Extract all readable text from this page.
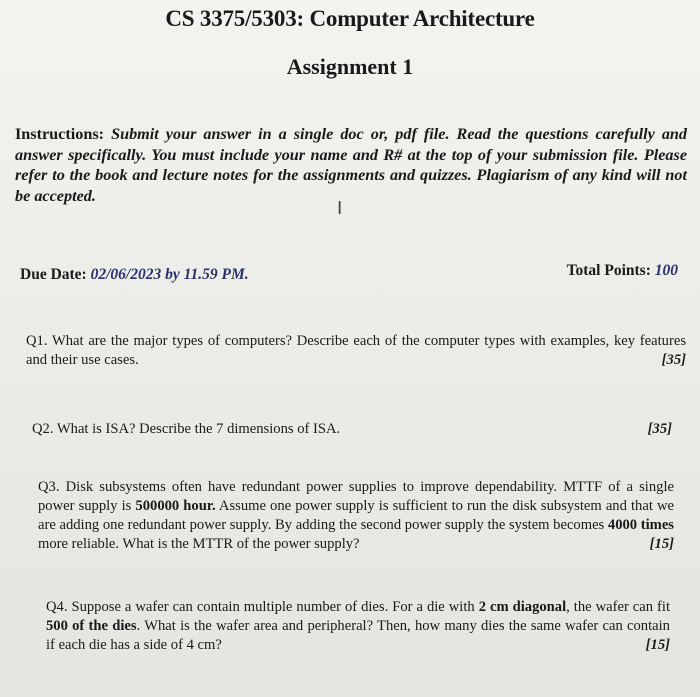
CS 3375/5303: Computer Architecture
Assignment 1
Instructions: Submit your answer in a single doc or, pdf file. Read the questions carefully and answer specifically. You must include your name and R# at the top of your submission file. Please refer to the book and lecture notes for the assignments and quizzes. Plagiarism of any kind will not be accepted.
I
Due Date: 02/06/2023 by 11.59 PM.	Total Points: 100
Q1. What are the major types of computers? Describe each of the computer types with examples, key features and their use cases.	[35]
[35]
Q2. What is ISA? Describe the 7 dimensions of ISA.
Q3. Disk subsystems often have redundant power supplies to improve dependability. MTTF of a single power supply is 500000 hour. Assume one power supply is sufficient to run the disk subsystem and that we are adding one redundant power supply. By adding the second power supply the system becomes 4000 times more reliable. What is the MTTR of the power supply?	[15]
Q4. Suppose a wafer can contain multiple number of dies. For a die with 2 cm diagonal, the wafer can fit 500 of the dies. What is the wafer area and peripheral? Then, how many dies the same wafer can contain if each die has a side of 4 cm?	[15]
